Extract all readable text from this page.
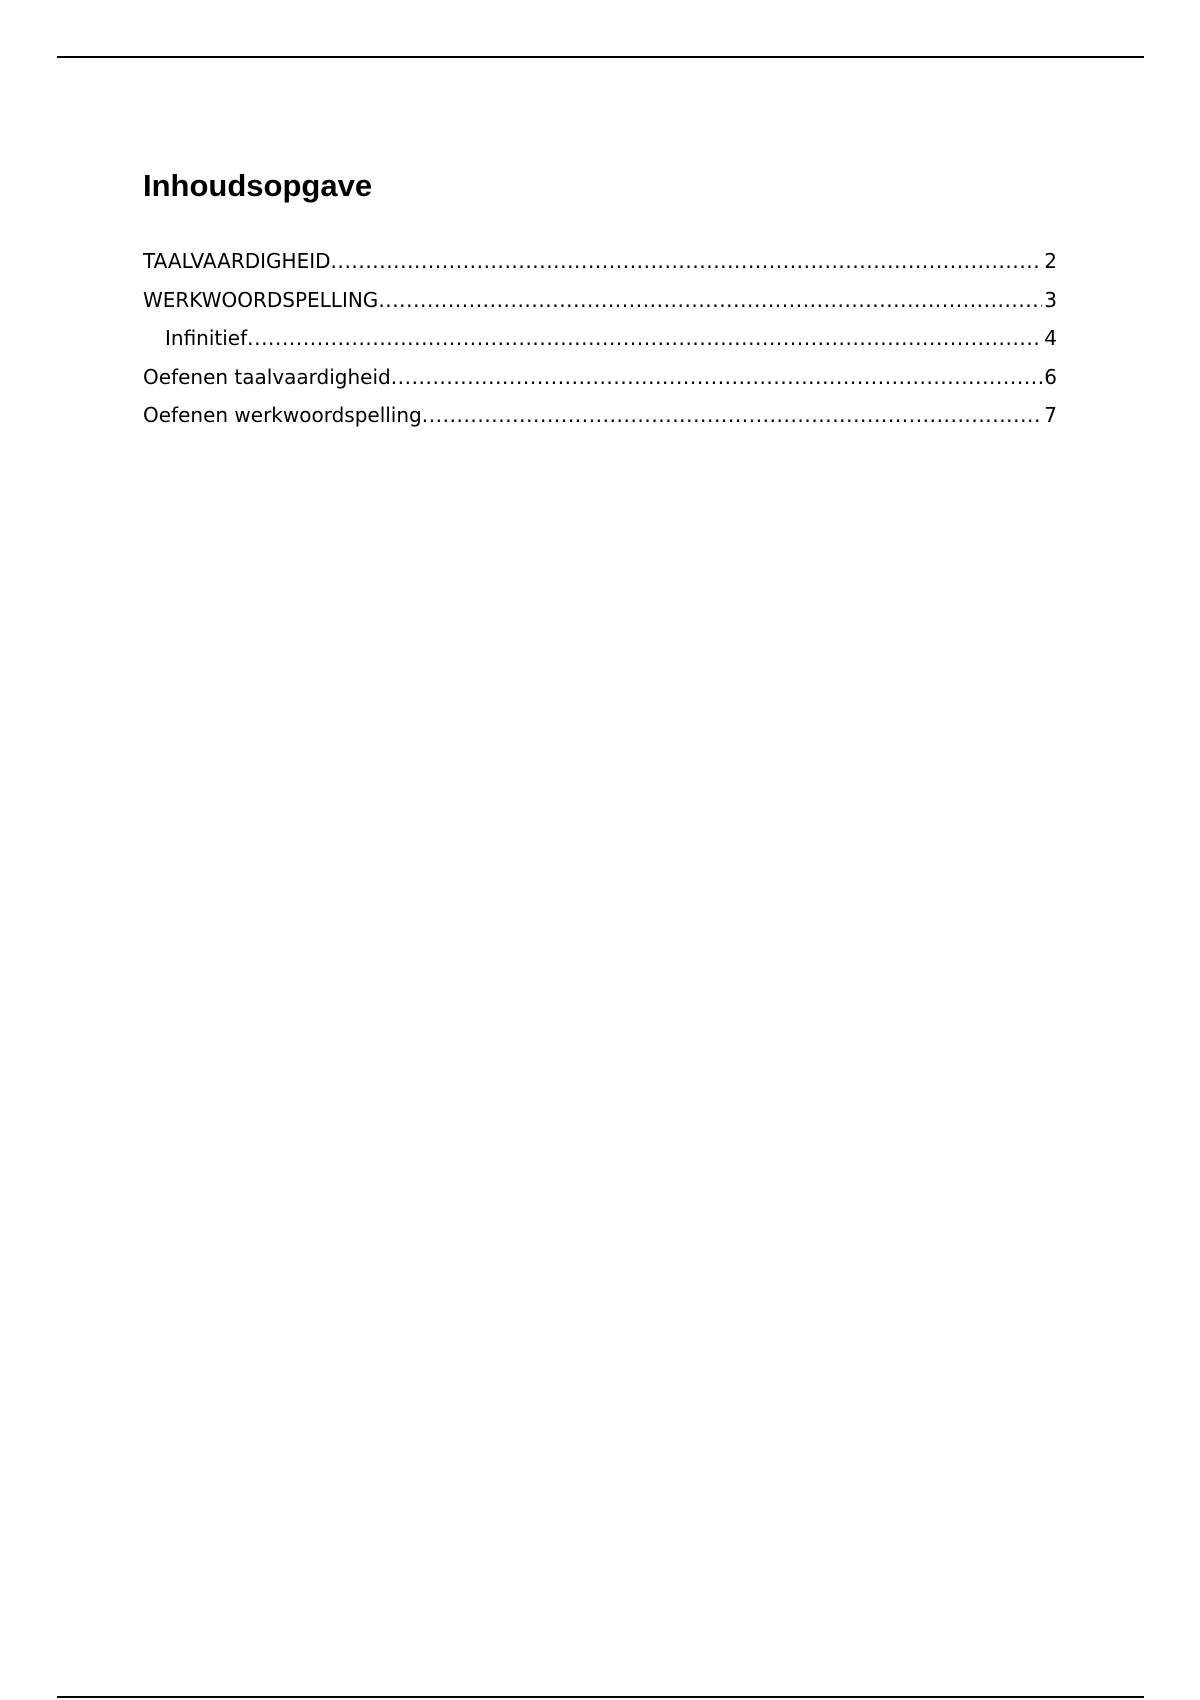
Inhoudsopgave
TAALVAARDIGHEID .....	2
WERKWOORDSPELLING .....	3
Infinitief .....	4
Oefenen taalvaardigheid .....	6
Oefenen werkwoordspelling .....	7
